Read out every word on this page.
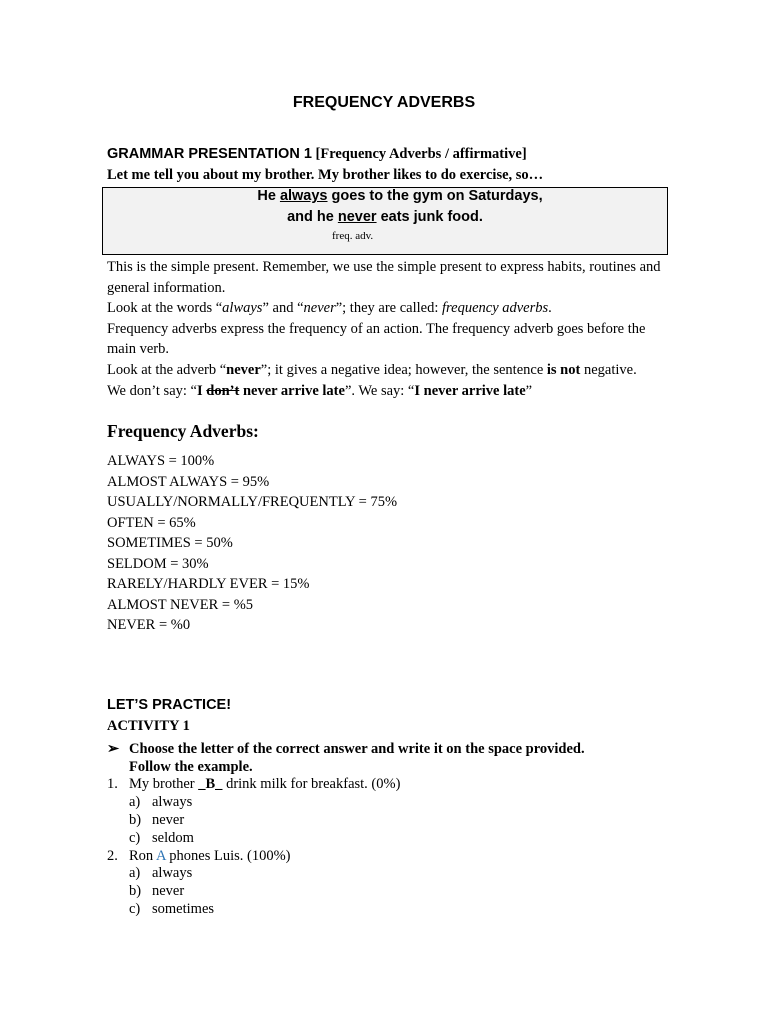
FREQUENCY ADVERBS
GRAMMAR PRESENTATION 1 [Frequency Adverbs / affirmative]
Let me tell you about my brother. My brother likes to do exercise, so…
He always goes to the gym on Saturdays,
and he never eats junk food.
freq. adv.
This is the simple present. Remember, we use the simple present to express habits, routines and general information.
Look at the words “always” and “never”; they are called: frequency adverbs.
Frequency adverbs express the frequency of an action. The frequency adverb goes before the main verb.
Look at the adverb “never”; it gives a negative idea; however, the sentence is not negative.
We don’t say: “I don’t never arrive late”. We say: “I never arrive late”
Frequency Adverbs:
ALWAYS = 100%
ALMOST ALWAYS = 95%
USUALLY/NORMALLY/FREQUENTLY = 75%
OFTEN = 65%
SOMETIMES = 50%
SELDOM = 30%
RARELY/HARDLY EVER = 15%
ALMOST NEVER = %5
NEVER = %0
LET’S PRACTICE!
ACTIVITY 1
➢ Choose the letter of the correct answer and write it on the space provided.
Follow the example.
1. My brother _B_ drink milk for breakfast. (0%)
a) always
b) never
c) seldom
2. Ron A phones Luis. (100%)
a) always
b) never
c) sometimes
